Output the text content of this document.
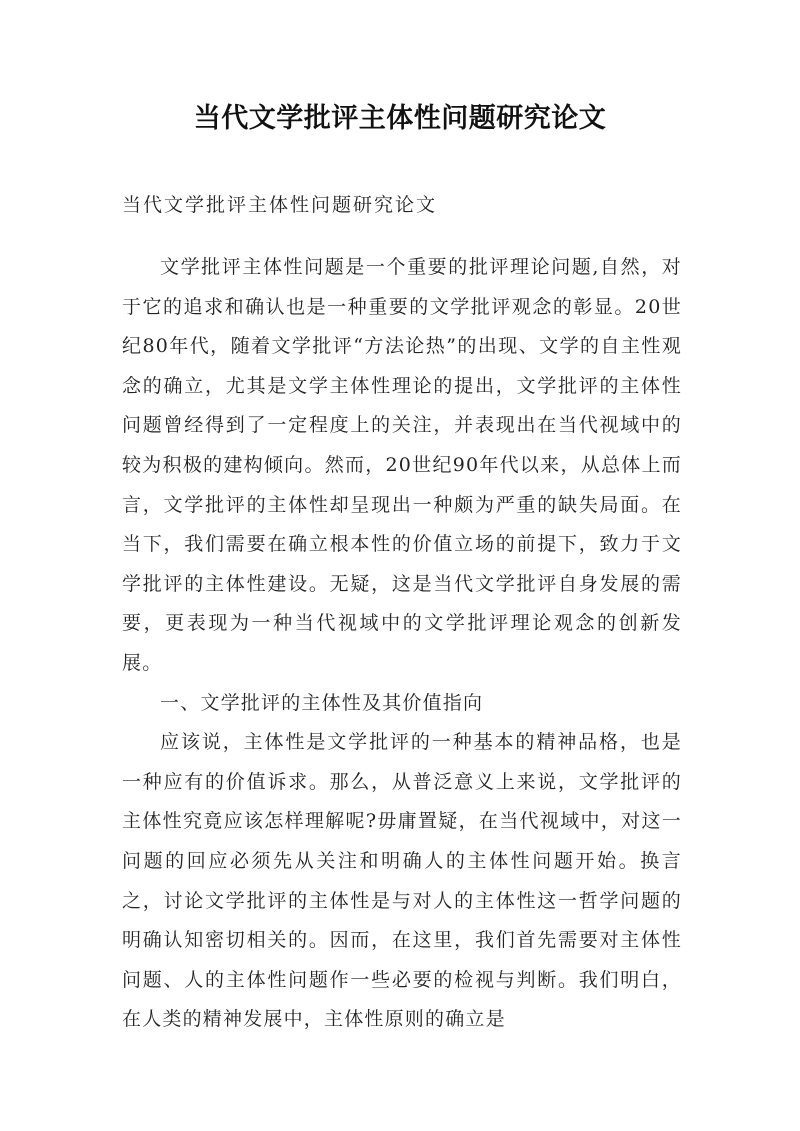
当代文学批评主体性问题研究论文

当代文学批评主体性问题研究论文

文学批评主体性问题是一个重要的批评理论问题,自然，对于它的追求和确认也是一种重要的文学批评观念的彰显。20世纪80年代，随着文学批评“方法论热”的出现、文学的自主性观念的确立，尤其是文学主体性理论的提出，文学批评的主体性问题曾经得到了一定程度上的关注，并表现出在当代视域中的较为积极的建构倾向。然而，20世纪90年代以来，从总体上而言，文学批评的主体性却呈现出一种颇为严重的缺失局面。在当下，我们需要在确立根本性的价值立场的前提下，致力于文学批评的主体性建设。无疑，这是当代文学批评自身发展的需要，更表现为一种当代视域中的文学批评理论观念的创新发展。

一、文学批评的主体性及其价值指向

应该说，主体性是文学批评的一种基本的精神品格，也是一种应有的价值诉求。那么，从普泛意义上来说，文学批评的主体性究竟应该怎样理解呢?毋庸置疑，在当代视域中，对这一问题的回应必须先从关注和明确人的主体性问题开始。换言之，讨论文学批评的主体性是与对人的主体性这一哲学问题的明确认知密切相关的。因而，在这里，我们首先需要对主体性问题、人的主体性问题作一些必要的检视与判断。我们明白，在人类的精神发展中，主体性原则的确立是
